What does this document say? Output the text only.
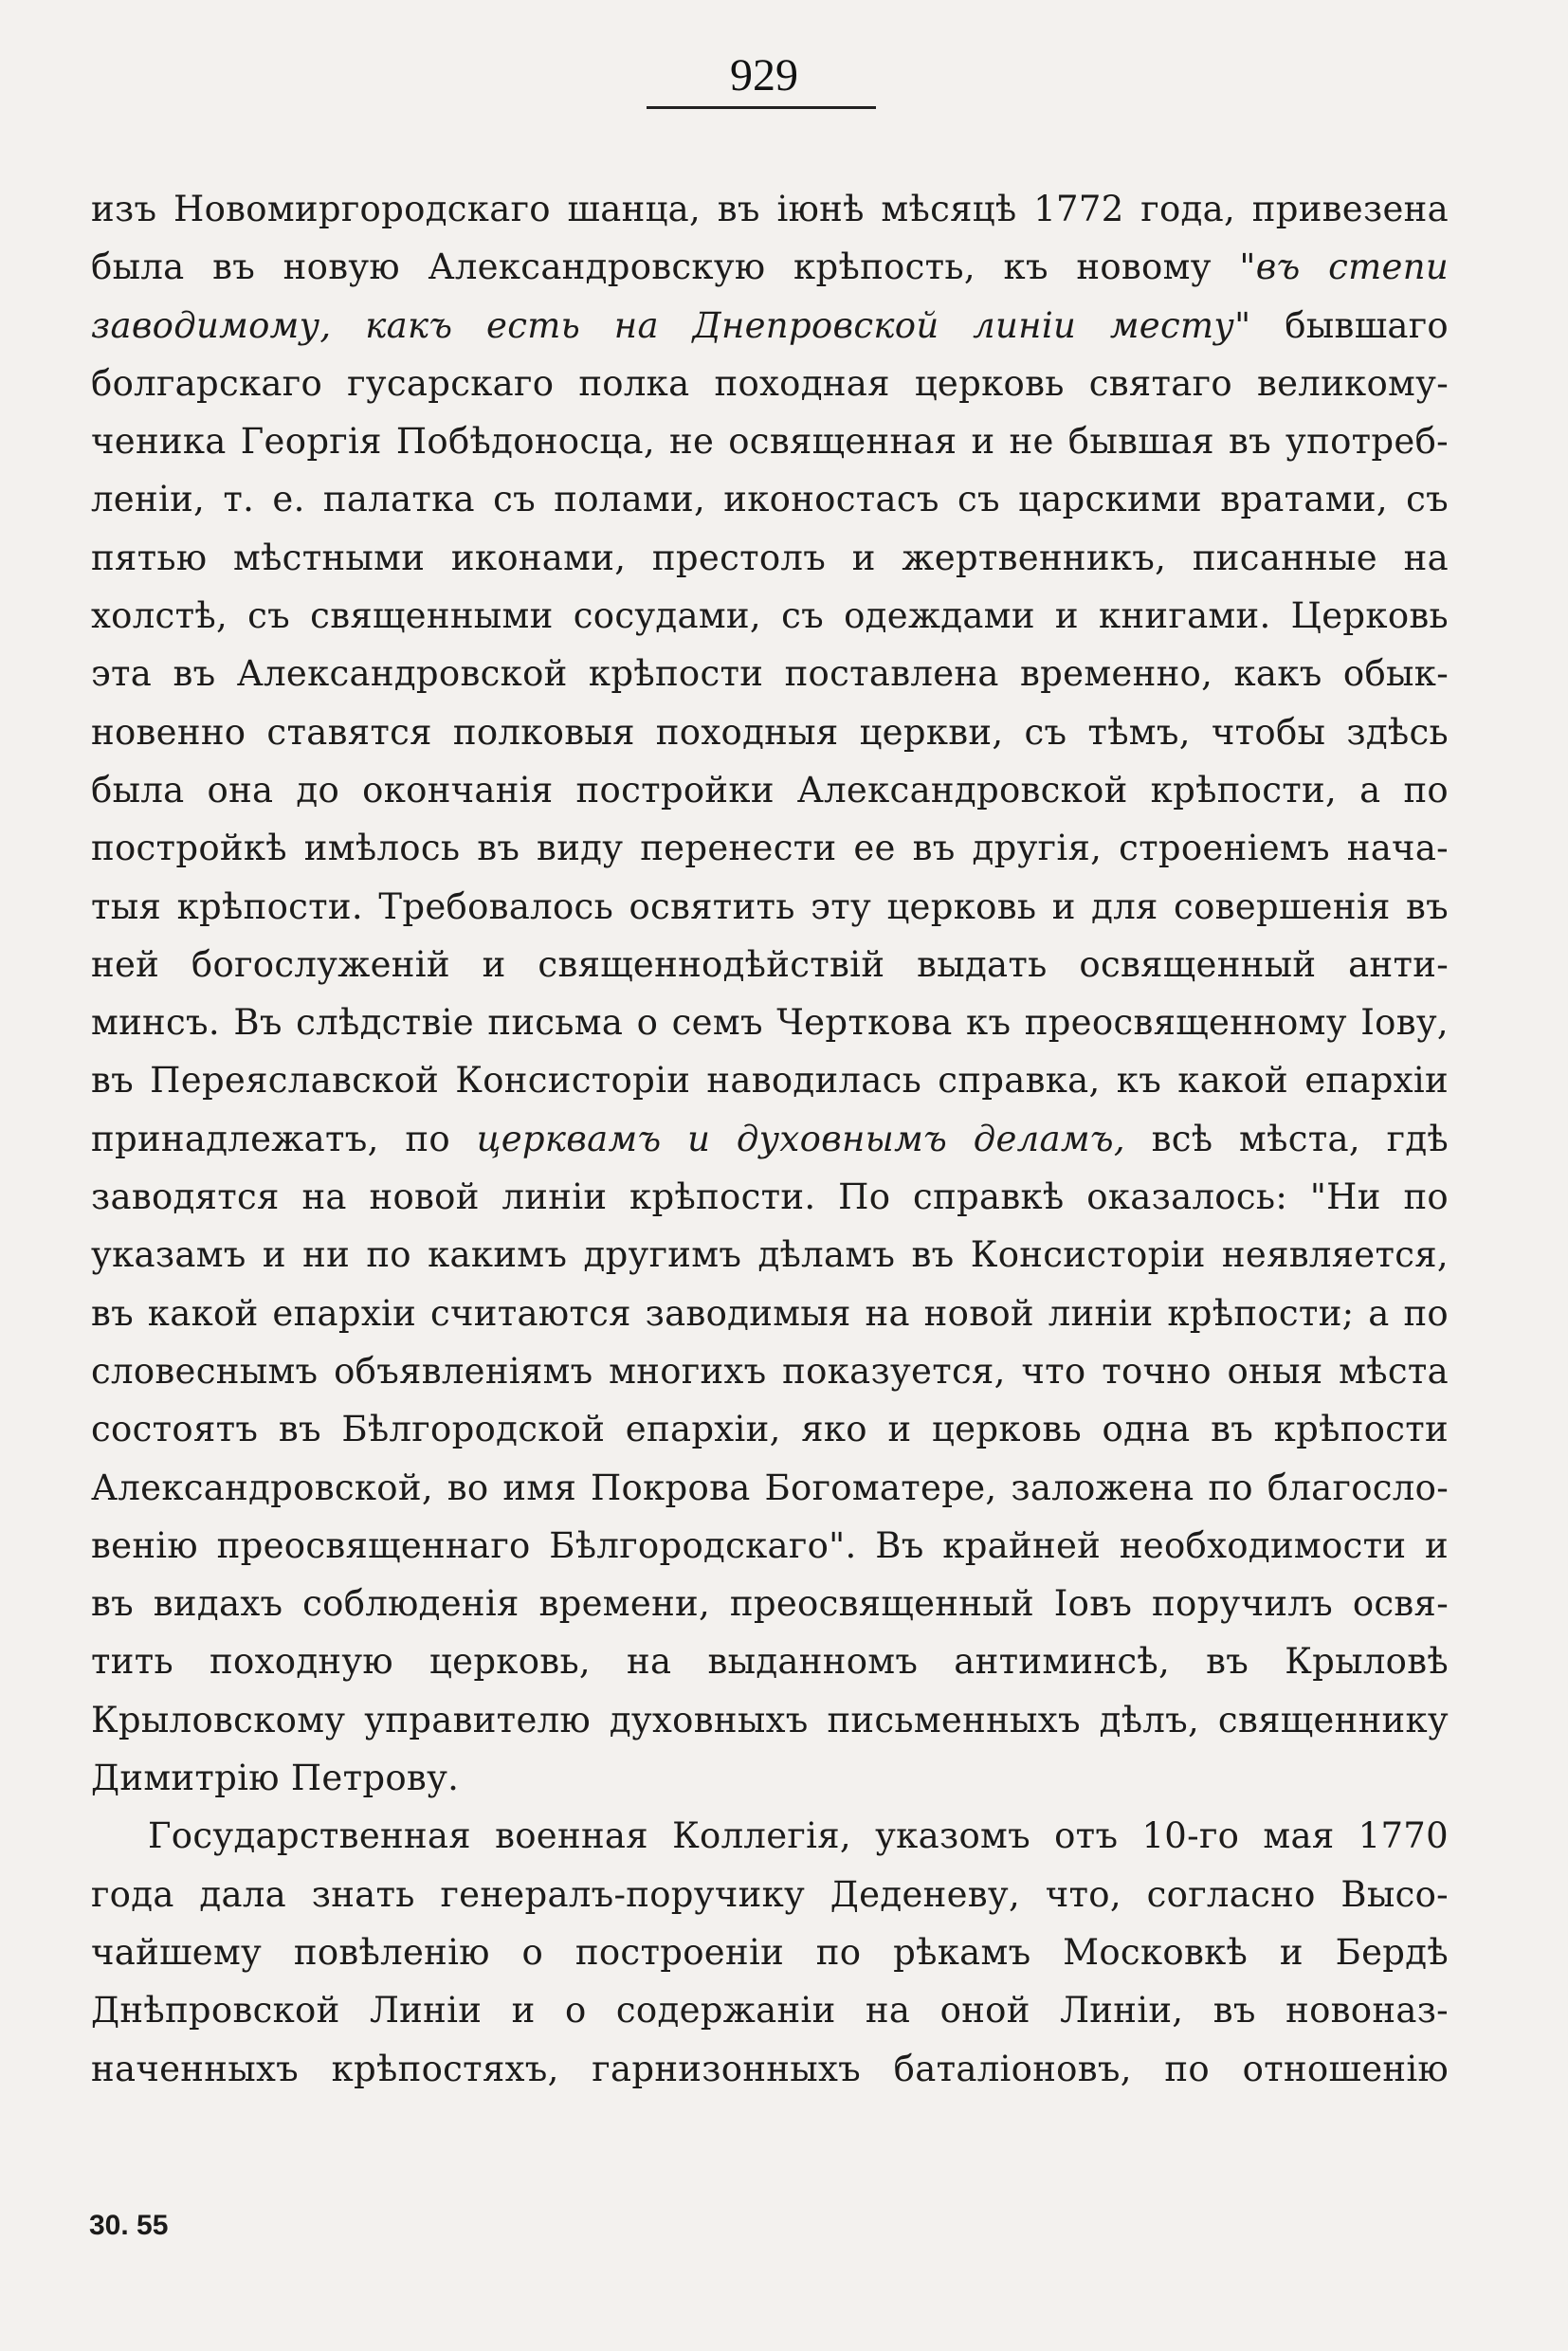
929
изъ Новомиргородскаго шанца, въ іюнѣ мѣсяцѣ 1772 года, привезена
была въ новую Александровскую крѣпость, къ новому "въ степи
заводимому, какъ есть на Днепровской линіи месту" бывшаго
болгарскаго гусарскаго полка походная церковь святаго великому-
ченика Георгія Побѣдоносца, не освященная и не бывшая въ употреб-
леніи, т. е. палатка съ полами, иконостасъ съ царскими вратами, съ
пятью мѣстными иконами, престолъ и жертвенникъ, писанные на
холстѣ, съ священными сосудами, съ одеждами и книгами. Церковь
эта въ Александровской крѣпости поставлена временно, какъ обык-
новенно ставятся полковыя походныя церкви, съ тѣмъ, чтобы здѣсь
была она до окончанія постройки Александровской крѣпости, а по
постройкѣ имѣлось въ виду перенести ее въ другія, строеніемъ нача-
тыя крѣпости. Требовалось освятить эту церковь и для совершенія въ
ней богослуженій и священнодѣйствій выдать освященный анти-
минсъ. Въ слѣдствіе письма о семъ Черткова къ преосвященному Іову,
въ Переяславской Консисторіи наводилась справка, къ какой епархіи
принадлежатъ, по церквамъ и духовнымъ деламъ, всѣ мѣста, гдѣ
заводятся на новой линіи крѣпости. По справкѣ оказалось: "Ни по
указамъ и ни по какимъ другимъ дѣламъ въ Консисторіи неявляется,
въ какой епархіи считаются заводимыя на новой линіи крѣпости; а по
словеснымъ объявленіямъ многихъ показуется, что точно оныя мѣста
состоятъ въ Бѣлгородской епархіи, яко и церковь одна въ крѣпости
Александровской, во имя Покрова Богоматере, заложена по благосло-
венію преосвященнаго Бѣлгородскаго". Въ крайней необходимости и
въ видахъ соблюденія времени, преосвященный Іовъ поручилъ освя-
тить походную церковь, на выданномъ антиминсѣ, въ Крыловѣ
Крыловскому управителю духовныхъ письменныхъ дѣлъ, священнику
Димитрію Петрову.
Государственная военная Коллегія, указомъ отъ 10-го мая 1770
года дала знать генералъ-поручику Деденеву, что, согласно Высо-
чайшему повѣленію о построеніи по рѣкамъ Московкѣ и Бердѣ
Днѣпровской Линіи и о содержаніи на оной Линіи, въ новоназ-
наченныхъ крѣпостяхъ, гарнизонныхъ баталіоновъ, по отношенію
30. 55
